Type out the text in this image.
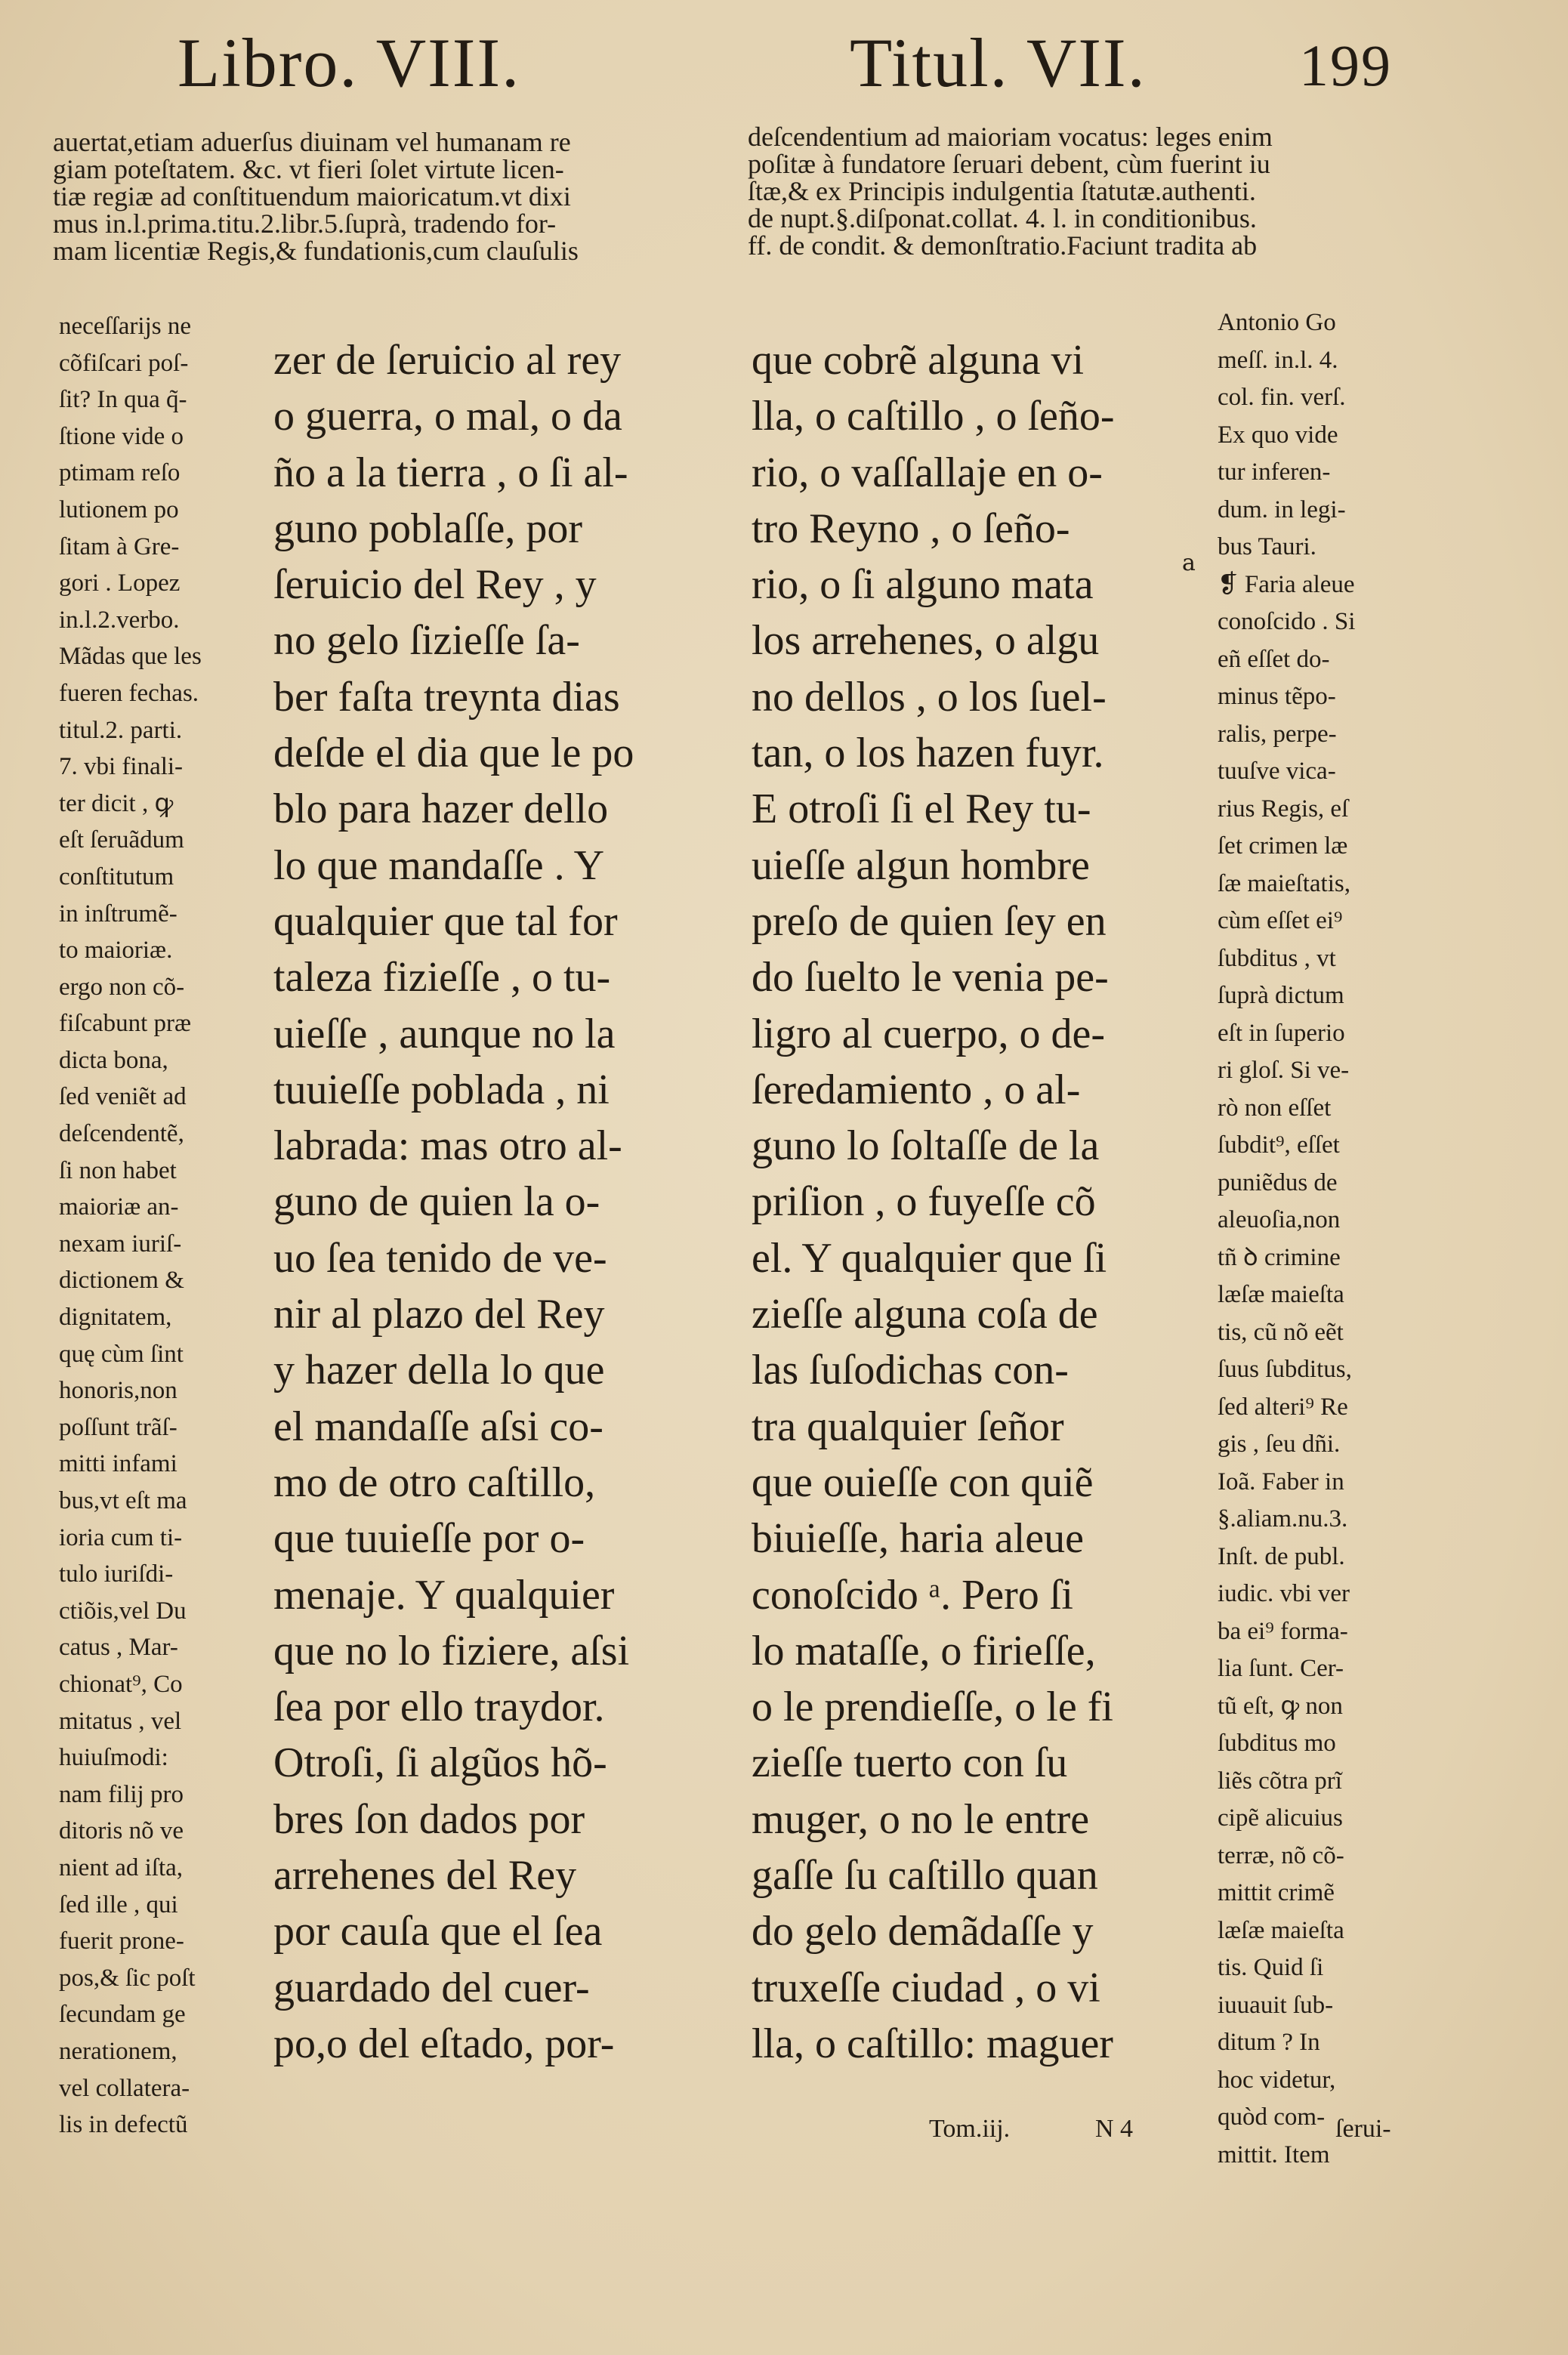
Libro. VIII.	Titul. VII.	199
auertat,etiam aduerſus diuinam vel humanam re
giam poteſtatem. &c. vt fieri ſolet virtute licen-
tiæ regiæ ad conſtituendum maioricatum.vt dixi
mus in.l.prima.titu.2.libr.5.ſuprà, tradendo for-
mam licentiæ Regis,& fundationis,cum clauſulis
deſcendentium ad maioriam vocatus: leges enim
poſitæ à fundatore ſeruari debent, cùm fuerint iu
ſtæ,& ex Principis indulgentia ſtatutæ.authenti.
de nupt.§.diſponat.collat. 4. l. in conditionibus.
ff. de condit. & demonſtratio.Faciunt tradita ab
neceſſarijs ne
cõfiſcari poſ-
ſit? In qua q̃-
ſtione vide o
ptimam reſo
lutionem po
ſitam à Gre-
gori . Lopez
in.l.2.verbo.
Mãdas que les
fueren fechas.
titul.2. parti.
7. vbi finali-
ter dicit , ꝙ
eſt ſeruãdum
conſtitutum
in inſtrumẽ-
to maioriæ.
ergo non cõ-
fiſcabunt præ
dicta bona,
ſed veniẽt ad
deſcendentẽ,
ſi non habet
maioriæ an-
nexam iuriſ-
dictionem &
dignitatem,
quę cùm ſint
honoris,non
poſſunt trãſ-
mitti infami
bus,vt eſt ma
ioria cum ti-
tulo iuriſdi-
ctiõis,vel Du
catus , Mar-
chionat⁹, Co
mitatus , vel
huiuſmodi:
nam filij pro
ditoris nõ ve
nient ad iſta,
ſed ille , qui
fuerit prone-
pos,& ſic poſt
ſecundam ge
nerationem,
vel collatera-
lis in defectũ
zer de ſeruicio al rey
o guerra, o mal, o da
ño a la tierra , o ſi al-
guno poblaſſe, por
ſeruicio del Rey , y
no gelo ſizieſſe ſa-
ber faſta treynta dias
deſde el dia que le po
blo para hazer dello
lo que mandaſſe . Y
qualquier que tal for
taleza fizieſſe , o tu-
uieſſe , aunque no la
tuuieſſe poblada , ni
labrada: mas otro al-
guno de quien la o-
uo ſea tenido de ve-
nir al plazo del Rey
y hazer della lo que
el mandaſſe aſsi co-
mo de otro caſtillo,
que tuuieſſe por o-
menaje. Y qualquier
que no lo fiziere, aſsi
ſea por ello traydor.
Otroſi, ſi algũos hõ-
bres ſon dados por
arrehenes del Rey
por cauſa que el ſea
guardado del cuer-
po,o del eſtado, por-
que cobrẽ alguna vi
lla, o caſtillo , o ſeño-
rio, o vaſſallaje en o-
tro Reyno , o ſeño-
rio, o ſi alguno mata
los arrehenes, o algu
no dellos , o los ſuel-
tan, o los hazen fuyr.
E otroſi ſi el Rey tu-
uieſſe algun hombre
preſo de quien ſey en
do ſuelto le venia pe-
ligro al cuerpo, o de-
ſeredamiento , o al-
guno lo ſoltaſſe de la
priſion , o fuyeſſe cõ
el. Y qualquier que ſi
zieſſe alguna coſa de
las ſuſodichas con-
tra qualquier ſeñor
que ouieſſe con quiẽ
biuieſſe, haria aleue
conoſcido ᵃ. Pero ſi
lo mataſſe, o firieſſe,
o le prendieſſe, o le fi
zieſſe tuerto con ſu
muger, o no le entre
gaſſe ſu caſtillo quan
do gelo demãdaſſe y
truxeſſe ciudad , o vi
lla, o caſtillo: maguer
Antonio Go
meſſ. in.l. 4.
col. fin. verſ.
Ex quo vide
tur inferen-
dum. in legi-
bus Tauri.
❡ Faria aleue
conoſcido . Si
eñ eſſet do-
minus tẽpo-
ralis, perpe-
tuuſve vica-
rius Regis, eſ
ſet crimen læ
ſæ maieſtatis,
cùm eſſet ei⁹
ſubditus , vt
ſuprà dictum
eſt in ſuperio
ri gloſ. Si ve-
rò non eſſet
ſubdit⁹, eſſet
puniẽdus de
aleuoſia,non
tñ ꝺ crimine
læſæ maieſta
tis, cũ nõ eẽt
ſuus ſubditus,
ſed alteri⁹ Re
gis , ſeu dñi.
Ioã. Faber in
§.aliam.nu.3.
Inſt. de publ.
iudic. vbi ver
ba ei⁹ forma-
lia ſunt. Cer-
tũ eſt, ꝙ non
ſubditus mo
liẽs cõtra prĩ
cipẽ alicuius
terræ, nõ cõ-
mittit crimẽ
læſæ maieſta
tis. Quid ſi
iuuauit ſub-
ditum ? In
hoc videtur,
quòd com-
mittit. Item
a
Tom.iij.	N 4	ſerui-
